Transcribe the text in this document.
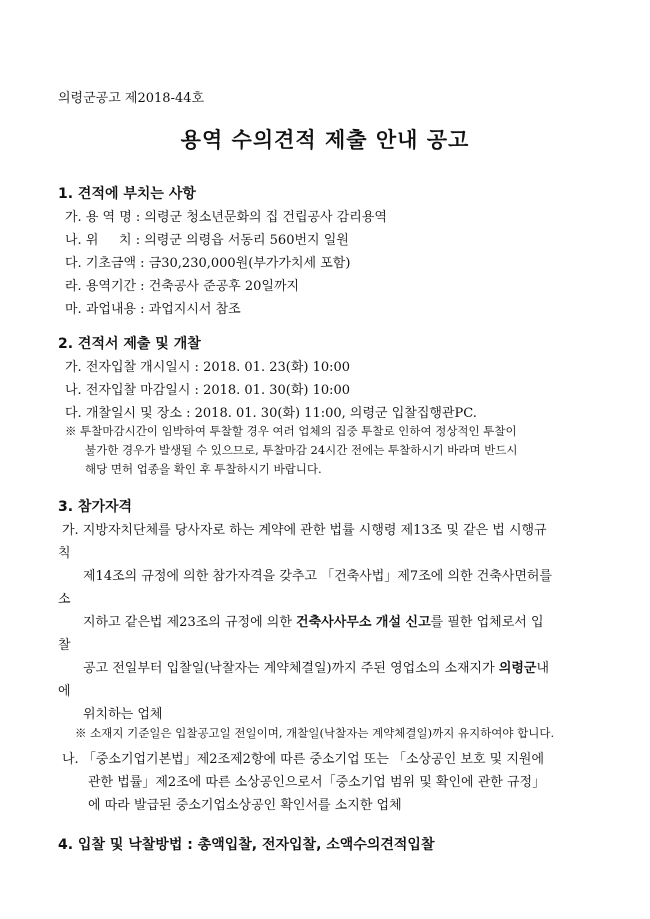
의령군공고 제2018-44호
용역 수의견적 제출 안내 공고
1. 견적에 부치는 사항
가. 용 역 명 : 의령군 청소년문화의 집 건립공사 감리용역
나. 위     치 : 의령군 의령읍 서동리 560번지 일원
다. 기초금액 : 금30,230,000원(부가가치세 포함)
라. 용역기간 : 건축공사 준공후 20일까지
마. 과업내용 : 과업지시서 참조
2. 견적서 제출 및 개찰
가. 전자입찰 개시일시 : 2018. 01. 23(화) 10:00
나. 전자입찰 마감일시 : 2018. 01. 30(화) 10:00
다. 개찰일시 및 장소 : 2018. 01. 30(화) 11:00, 의령군 입찰집행관PC.
※ 투찰마감시간이 임박하여 투찰할 경우 여러 업체의 집중 투찰로 인하여 정상적인 투찰이
불가한 경우가 발생될 수 있으므로, 투찰마감 24시간 전에는 투찰하시기 바라며 반드시
해당 면허 업종을 확인 후 투찰하시기 바랍니다.
3. 참가자격
가. 지방자치단체를 당사자로 하는 계약에 관한 법률 시행령 제13조 및 같은 법 시행규
칙
제14조의 규정에 의한 참가자격을 갖추고 「건축사법」제7조에 의한 건축사면허를
소
지하고 같은법 제23조의 규정에 의한 건축사사무소 개설 신고를 필한 업체로서 입
찰
공고 전일부터 입찰일(낙찰자는 계약체결일)까지 주된 영업소의 소재지가 의령군내
에
위치하는 업체
※ 소재지 기준일은 입찰공고일 전일이며, 개찰일(낙찰자는 계약체결일)까지 유지하여야 합니다.
나. 「중소기업기본법」제2조제2항에 따른 중소기업 또는 「소상공인 보호 및 지원에
관한 법률」제2조에 따른 소상공인으로서「중소기업 범위 및 확인에 관한 규정」
에 따라 발급된 중소기업소상공인 확인서를 소지한 업체
4. 입찰 및 낙찰방법 : 총액입찰, 전자입찰, 소액수의견적입찰
